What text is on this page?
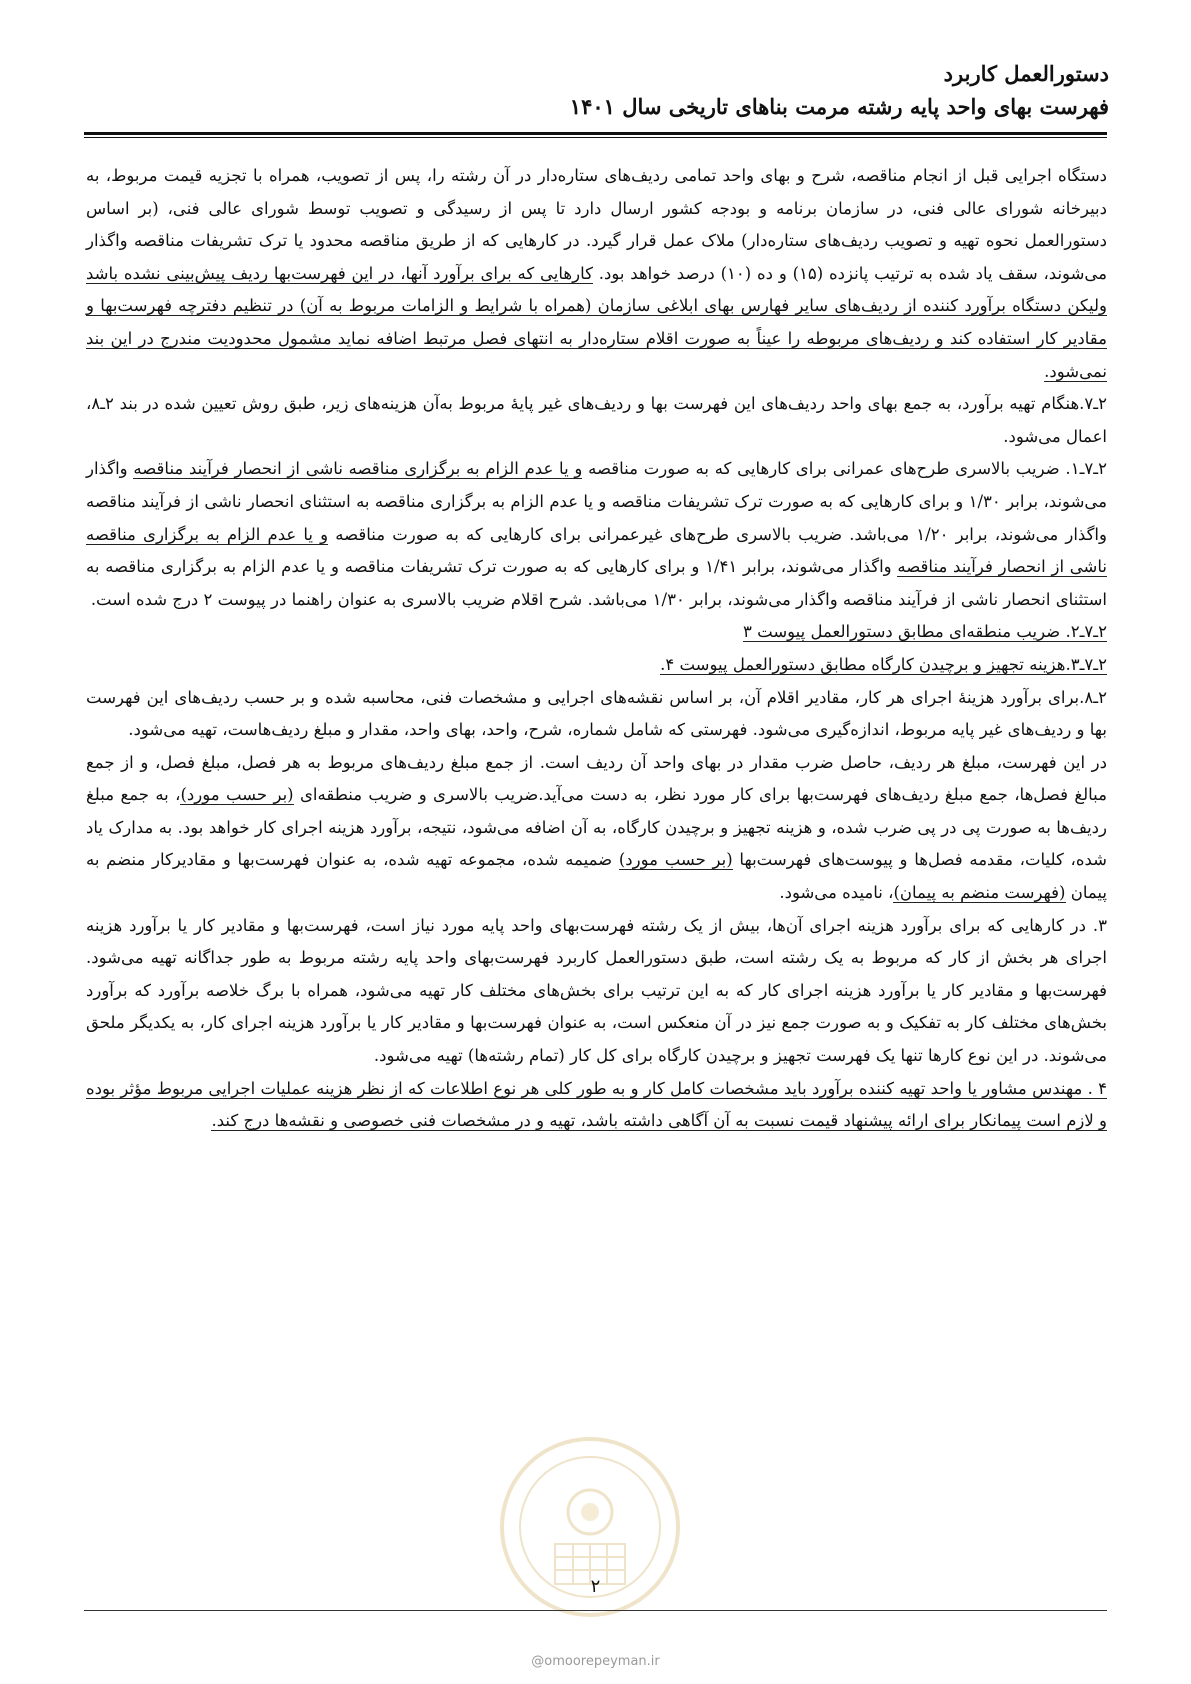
دستورالعمل کاربرد
فهرست بهای واحد پایه رشته مرمت بناهای تاریخی سال ۱۴۰۱

دستگاه اجرایی قبل از انجام مناقصه، شرح و بهای واحد تمامی ردیف‌های ستاره‌دار در آن رشته را، پس از تصویب، همراه با تجزیه قیمت مربوط، به دبیرخانه شورای عالی فنی، در سازمان برنامه و بودجه کشور ارسال دارد تا پس از رسیدگی و تصویب توسط شورای عالی فنی، (بر اساس دستورالعمل نحوه تهیه و تصویب ردیف‌های ستاره‌دار) ملاک عمل قرار گیرد. در کارهایی که از طریق مناقصه محدود یا ترک تشریفات مناقصه واگذار می‌شوند، سقف یاد شده به ترتیب پانزده (۱۵) و ده (۱۰) درصد خواهد بود. کارهایی که برای برآورد آنها، در این فهرست‌بها ردیف پیش‌بینی نشده باشد ولیکن دستگاه برآورد کننده از ردیف‌های سایر فهارس بهای ابلاغی سازمان (همراه با شرایط و الزامات مربوط به آن) در تنظیم دفترچه فهرست‌بها و مقادیر کار استفاده کند و ردیف‌های مربوطه را عیناً به صورت اقلام ستاره‌دار به انتهای فصل مرتبط اضافه نماید مشمول محدودیت مندرج در این بند نمی‌شود.

۲ـ۷.هنگام تهیه برآورد، به جمع بهای واحد ردیف‌های این فهرست بها و ردیف‌های غیر پایهٔ مربوط به‌آن هزینه‌های زیر، طبق روش تعیین شده در بند ۲ـ۸، اعمال می‌شود.

۲ـ۷ـ۱. ضریب بالاسری طرح‌های عمرانی برای کارهایی که به صورت مناقصه و یا عدم الزام به برگزاری مناقصه ناشی از انحصار فرآیند مناقصه واگذار می‌شوند، برابر ۱/۳۰ و برای کارهایی که به صورت ترک تشریفات مناقصه و یا عدم الزام به برگزاری مناقصه به استثنای انحصار ناشی از فرآیند مناقصه واگذار می‌شوند، برابر ۱/۲۰ می‌باشد. ضریب بالاسری طرح‌های غیرعمرانی برای کارهایی که به صورت مناقصه و یا عدم الزام به برگزاری مناقصه ناشی از انحصار فرآیند مناقصه واگذار می‌شوند، برابر ۱/۴۱ و برای کارهایی که به صورت ترک تشریفات مناقصه و یا عدم الزام به برگزاری مناقصه به استثنای انحصار ناشی از فرآیند مناقصه واگذار می‌شوند، برابر ۱/۳۰ می‌باشد. شرح اقلام ضریب بالاسری به عنوان راهنما در پیوست ۲ درج شده است.

۲ـ۷ـ۲. ضریب منطقه‌ای مطابق دستورالعمل پیوست ۳

۲ـ۷ـ۳.هزینه تجهیز و برچیدن کارگاه مطابق دستورالعمل پیوست ۴.

۲ـ۸.برای برآورد هزینهٔ اجرای هر کار، مقادیر اقلام آن، بر اساس نقشه‌های اجرایی و مشخصات فنی، محاسبه شده و بر حسب ردیف‌های این فهرست بها و ردیف‌های غیر پایه مربوط، اندازه‌گیری می‌شود. فهرستی که شامل شماره، شرح، واحد، بهای واحد، مقدار و مبلغ ردیف‌هاست، تهیه می‌شود.

در این فهرست، مبلغ هر ردیف، حاصل ضرب مقدار در بهای واحد آن ردیف است. از جمع مبلغ ردیف‌های مربوط به هر فصل، مبلغ فصل، و از جمع مبالغ فصل‌ها، جمع مبلغ ردیف‌های فهرست‌بها برای کار مورد نظر، به دست می‌آید.ضریب بالاسری و ضریب منطقه‌ای (بر حسب مورد)، به جمع مبلغ ردیف‌ها به صورت پی در پی ضرب شده، و هزینه تجهیز و برچیدن کارگاه، به آن اضافه می‌شود، نتیجه، برآورد هزینه اجرای کار خواهد بود. به مدارک یاد شده، کلیات، مقدمه فصل‌ها و پیوست‌های فهرست‌بها (بر حسب مورد) ضمیمه شده، مجموعه تهیه شده، به عنوان فهرست‌بها و مقادیرکار منضم به پیمان (فهرست منضم به پیمان)، نامیده می‌شود.

۳. در کارهایی که برای برآورد هزینه اجرای آن‌ها، بیش از یک رشته فهرست‌بهای واحد پایه مورد نیاز است، فهرست‌بها و مقادیر کار یا برآورد هزینه اجرای هر بخش از کار که مربوط به یک رشته است، طبق دستورالعمل کاربرد فهرست‌بهای واحد پایه رشته مربوط به طور جداگانه تهیه می‌شود. فهرست‌بها و مقادیر کار یا برآورد هزینه اجرای کار که به این ترتیب برای بخش‌های مختلف کار تهیه می‌شود، همراه با برگ خلاصه برآورد که برآورد بخش‌های مختلف کار به تفکیک و به صورت جمع نیز در آن منعکس است، به عنوان فهرست‌بها و مقادیر کار یا برآورد هزینه اجرای کار، به یکدیگر ملحق می‌شوند. در این نوع کارها تنها یک فهرست تجهیز و برچیدن کارگاه برای کل کار (تمام رشته‌ها) تهیه می‌شود.

۴ . مهندس مشاور یا واحد تهیه کننده برآورد باید مشخصات کامل کار و به طور کلی هر نوع اطلاعات که از نظر هزینه عملیات اجرایی مربوط مؤثر بوده و لازم است پیمانکار برای ارائه پیشنهاد قیمت نسبت به آن آگاهی داشته باشد، تهیه و در مشخصات فنی خصوصی و نقشه‌ها درج کند.

۲
@omoorepeyman.ir
